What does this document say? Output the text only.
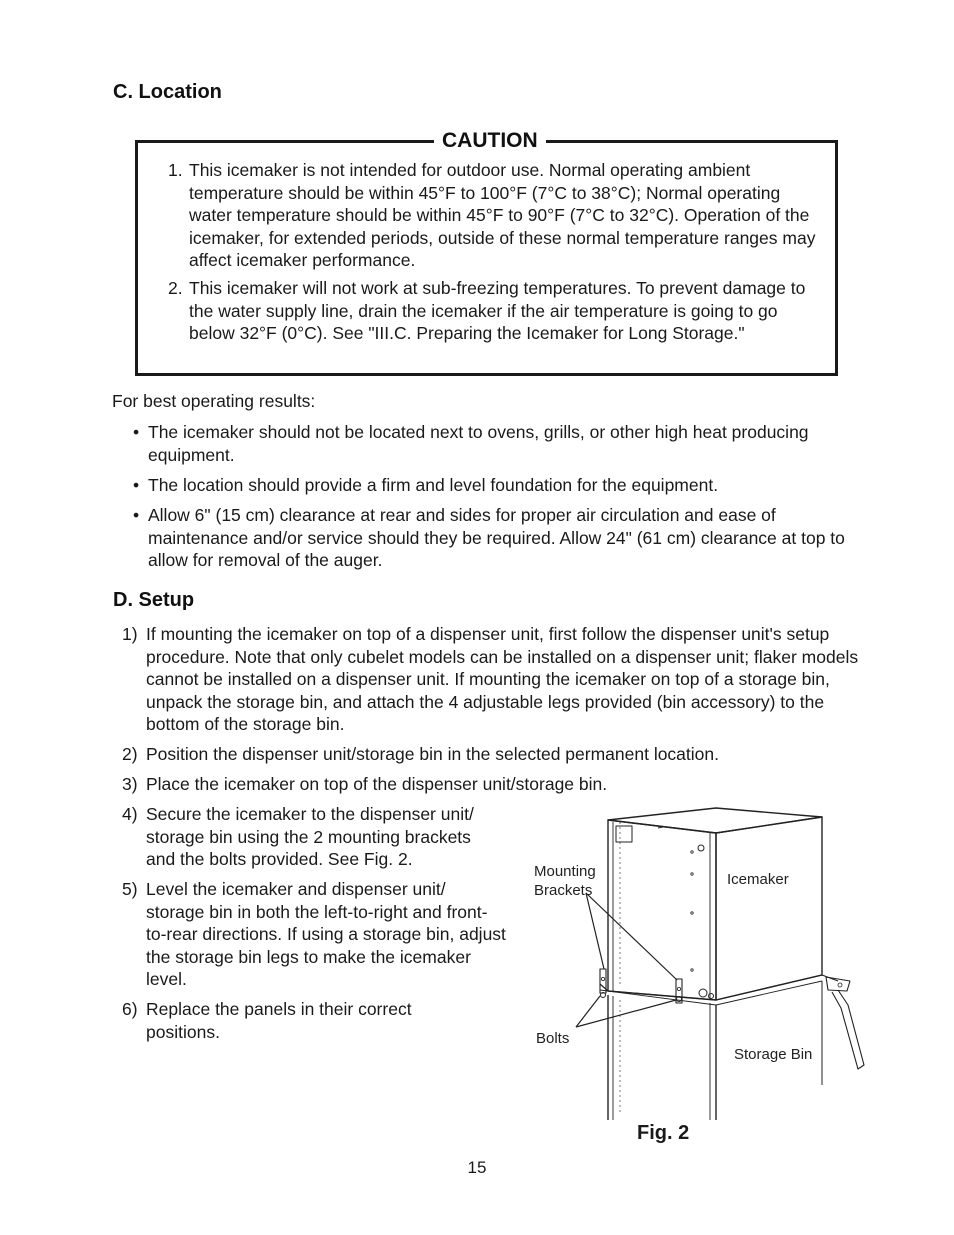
C. Location
CAUTION
1. This icemaker is not intended for outdoor use. Normal operating ambient temperature should be within 45°F to 100°F (7°C to 38°C); Normal operating water temperature should be within 45°F to 90°F (7°C to 32°C). Operation of the icemaker, for extended periods, outside of these normal temperature ranges may affect icemaker performance.
2. This icemaker will not work at sub-freezing temperatures. To prevent damage to the water supply line, drain the icemaker if the air temperature is going to go below 32°F (0°C). See "III.C. Preparing the Icemaker for Long Storage."
For best operating results:
• The icemaker should not be located next to ovens, grills, or other high heat producing equipment.
• The location should provide a firm and level foundation for the equipment.
• Allow 6" (15 cm) clearance at rear and sides for proper air circulation and ease of maintenance and/or service should they be required. Allow 24" (61 cm) clearance at top to allow for removal of the auger.
D. Setup
1) If mounting the icemaker on top of a dispenser unit, first follow the dispenser unit's setup procedure. Note that only cubelet models can be installed on a dispenser unit; flaker models cannot be installed on a dispenser unit. If mounting the icemaker on top of a storage bin, unpack the storage bin, and attach the 4 adjustable legs provided (bin accessory) to the bottom of the storage bin.
2) Position the dispenser unit/storage bin in the selected permanent location.
3) Place the icemaker on top of the dispenser unit/storage bin.
4) Secure the icemaker to the dispenser unit/ storage bin using the 2 mounting brackets and the bolts provided. See Fig. 2.
5) Level the icemaker and dispenser unit/ storage bin in both the left-to-right and front-to-rear directions. If using a storage bin, adjust the storage bin legs to make the icemaker level.
6) Replace the panels in their correct positions.
Mounting Brackets
Icemaker
Bolts
Storage Bin
Fig. 2
15
